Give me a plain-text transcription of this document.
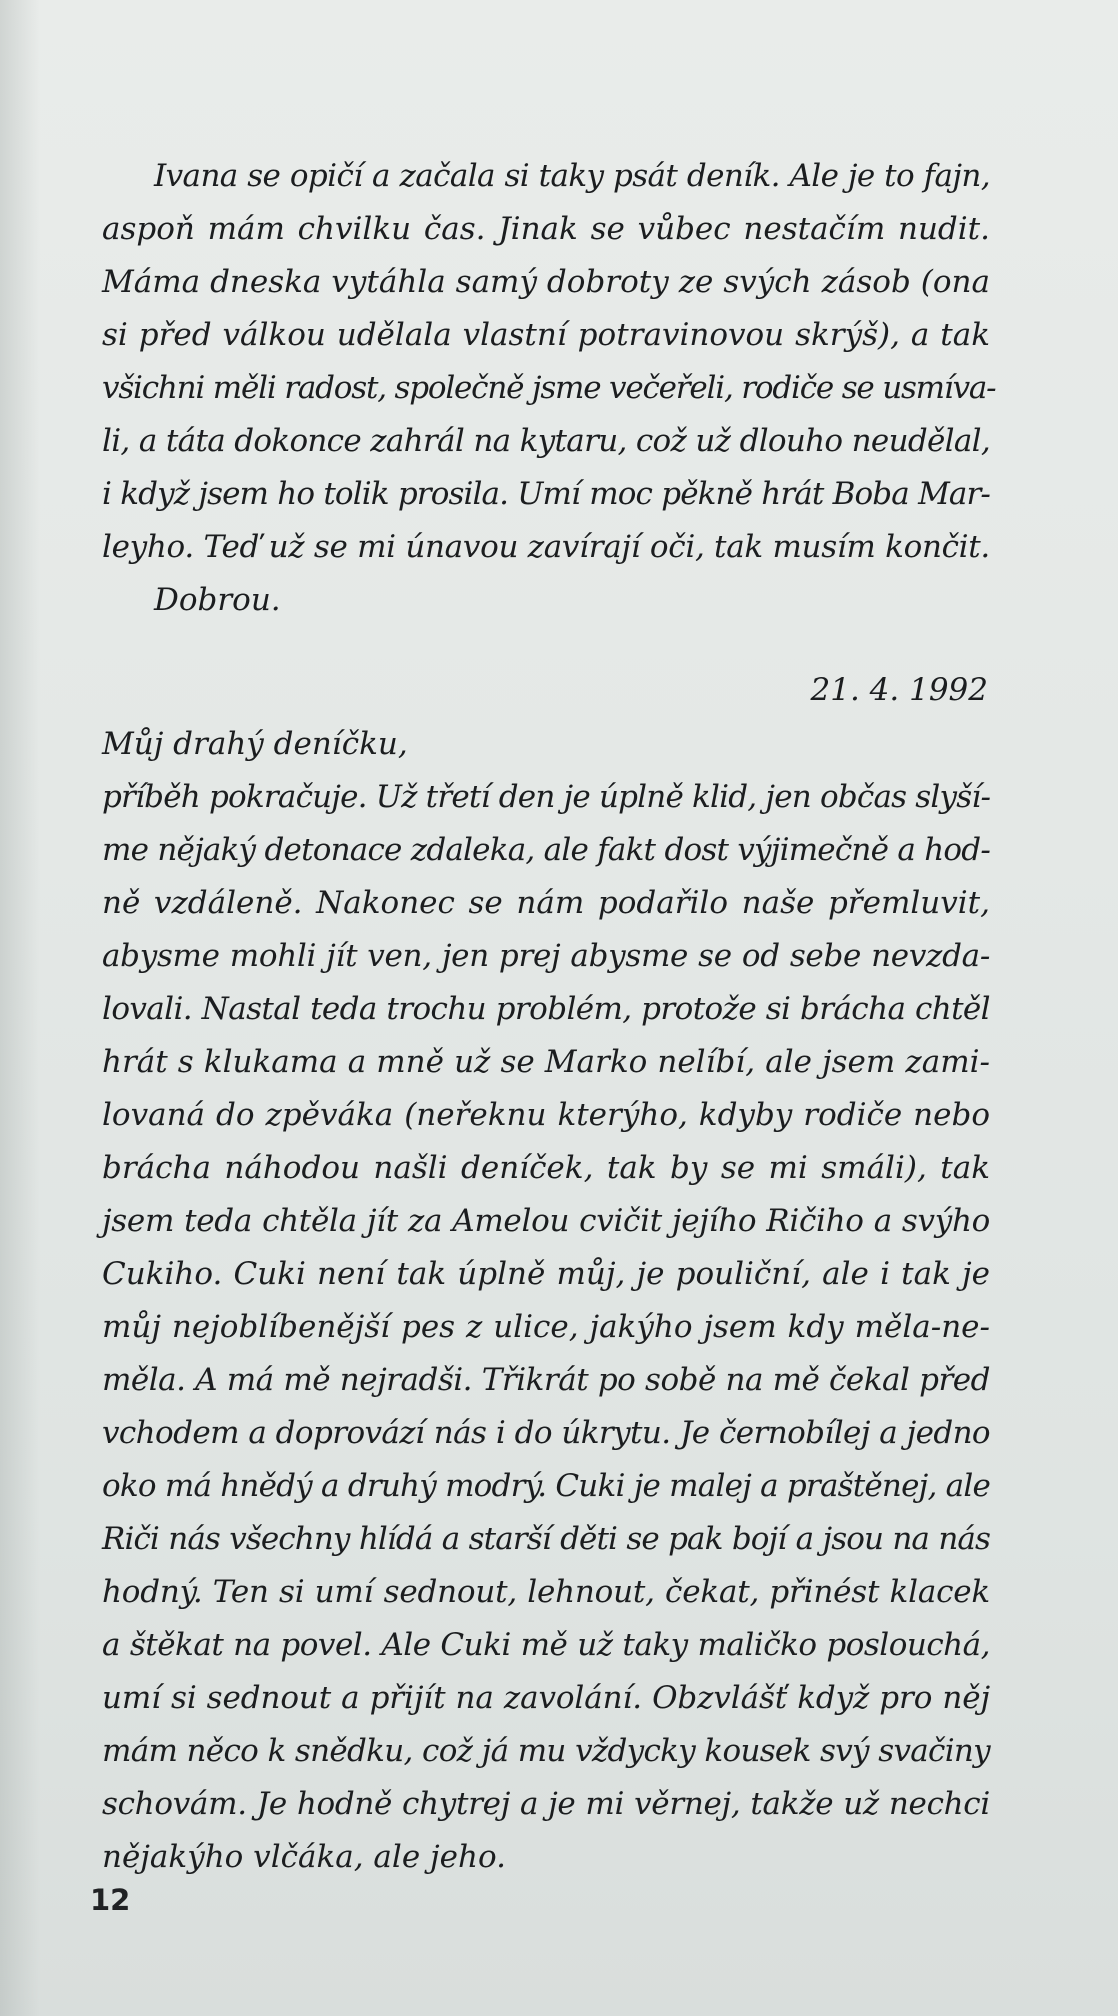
Ivana se opičí a začala si taky psát deník. Ale je to fajn,
aspoň mám chvilku čas. Jinak se vůbec nestačím nudit.
Máma dneska vytáhla samý dobroty ze svých zásob (ona
si před válkou udělala vlastní potravinovou skrýš), a tak
všichni měli radost, společně jsme večeřeli, rodiče se usmíva-
li, a táta dokonce zahrál na kytaru, což už dlouho neudělal,
i když jsem ho tolik prosila. Umí moc pěkně hrát Boba Mar-
leyho. Teď už se mi únavou zavírají oči, tak musím končit.
Dobrou.
21. 4. 1992
Můj drahý deníčku,
příběh pokračuje. Už třetí den je úplně klid, jen občas slyší-
me nějaký detonace zdaleka, ale fakt dost výjimečně a hod-
ně vzdáleně. Nakonec se nám podařilo naše přemluvit,
abysme mohli jít ven, jen prej abysme se od sebe nevzda-
lovali. Nastal teda trochu problém, protože si brácha chtěl
hrát s klukama a mně už se Marko nelíbí, ale jsem zami-
lovaná do zpěváka (neřeknu kterýho, kdyby rodiče nebo
brácha náhodou našli deníček, tak by se mi smáli), tak
jsem teda chtěla jít za Amelou cvičit jejího Ričiho a svýho
Cukiho. Cuki není tak úplně můj, je pouliční, ale i tak je
můj nejoblíbenější pes z ulice, jakýho jsem kdy měla-ne-
měla. A má mě nejradši. Třikrát po sobě na mě čekal před
vchodem a doprovází nás i do úkrytu. Je černobílej a jedno
oko má hnědý a druhý modrý. Cuki je malej a praštěnej, ale
Riči nás všechny hlídá a starší děti se pak bojí a jsou na nás
hodný. Ten si umí sednout, lehnout, čekat, přinést klacek
a štěkat na povel. Ale Cuki mě už taky maličko poslouchá,
umí si sednout a přijít na zavolání. Obzvlášť když pro něj
mám něco k snědku, což já mu vždycky kousek svý svačiny
schovám. Je hodně chytrej a je mi věrnej, takže už nechci
nějakýho vlčáka, ale jeho.
12
